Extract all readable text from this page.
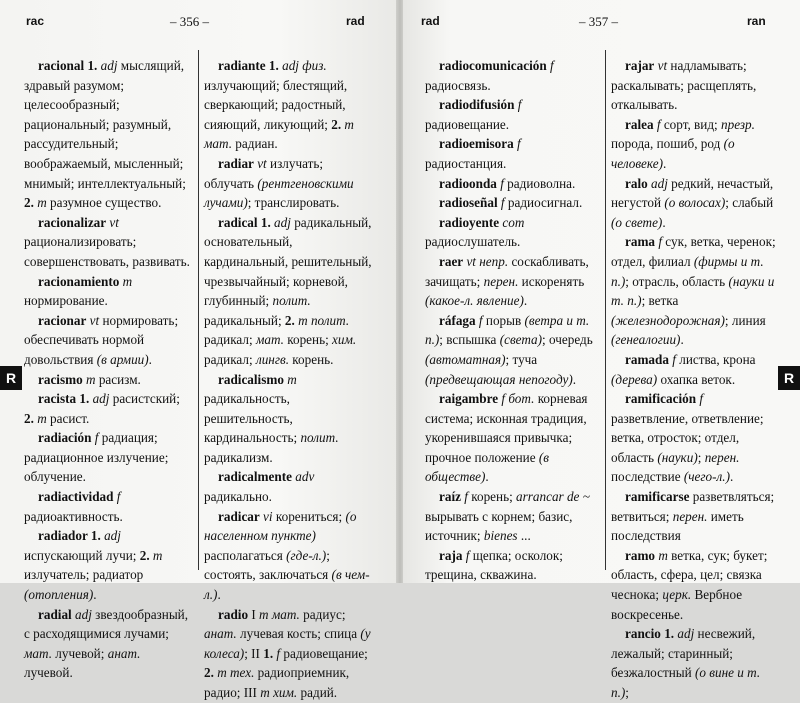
rac	– 356 –	rad

racional 1. adj мыслящий, здравый разумом; целесообразный; рациональный; разумный, рассудительный; воображаемый, мысленный; мнимый; интеллектуальный; 2. m разумное существо.

racionalizar vt рационализировать; совершенствовать, развивать.

racionamiento m нормирование.

racionar vt нормировать; обеспечивать нормой довольствия (в армии).

racismo m расизм.

racista 1. adj расистский; 2. m расист.

radiación f радиация; радиационное излучение; облучение.

radiactividad f радиоактивность.

radiador 1. adj испускающий лучи; 2. m излучатель; радиатор (отопления).

radial adj звездообразный, с расходящимися лучами; мат. лучевой; анат. лучевой.

radiante 1. adj физ. излучающий; блестящий, сверкающий; радостный, сияющий, ликующий; 2. m мат. радиан.

radiar vt излучать; облучать (рентгеновскими лучами); транслировать.

radical 1. adj радикальный, основательный, кардинальный, решительный, чрезвычайный; корневой, глубинный; полит. радикальный; 2. m полит. радикал; мат. корень; хим. радикал; лингв. корень.

radicalismo m радикальность, решительность, кардинальность; полит. радикализм.

radicalmente adv радикально.

radicar vi корениться; (о населенном пункте) располагаться (где-л.); состоять, заключаться (в чем-л.).

radio I m мат. радиус; анат. лучевая кость; спица (у колеса); II 1. f радиовещание; 2. m тех. радиоприемник, радио; III m хим. радий.

R
rad	– 357 –	ran

radiocomunicación f радиосвязь.

radiodifusión f радиовещание.

radioemisora f радиостанция.

radioonda f радиоволна.

radioseñal f радиосигнал.

radioyente com радиослушатель.

raer vt непр. соскабливать, зачищать; перен. искоренять (какое-л. явление).

ráfaga f порыв (ветра и т. п.); вспышка (света); очередь (автоматная); туча (предвещающая непогоду).

raigambre f бот. корневая система; исконная традиция, укоренившаяся привычка; прочное положение (в обществе).

raíz f корень; arrancar de ~ вырывать с корнем; базис, источник; bienes ...

raja f щепка; осколок; трещина, скважина.

rajar vt надламывать; раскалывать; расщеплять, откалывать.

ralea f сорт, вид; презр. порода, пошиб, род (о человеке).

ralo adj редкий, нечастый, негустой (о волосах); слабый (о свете).

rama f сук, ветка, черенок; отдел, филиал (фирмы и т. п.); отрасль, область (науки и т. п.); ветка (железнодорожная); линия (генеалогии).

ramada f листва, крона (дерева) охапка веток.

ramificación f разветвление, ответвление; ветка, отросток; отдел, область (науки); перен. последствие (чего-л.).

ramificarse разветвляться; ветвиться; перен. иметь последствия

ramo m ветка, сук; букет; область, сфера, цел; связка чеснока; церк. Вербное воскресенье.

rancio 1. adj несвежий, лежалый; старинный; безжалостный (о вине и т. п.);

R
